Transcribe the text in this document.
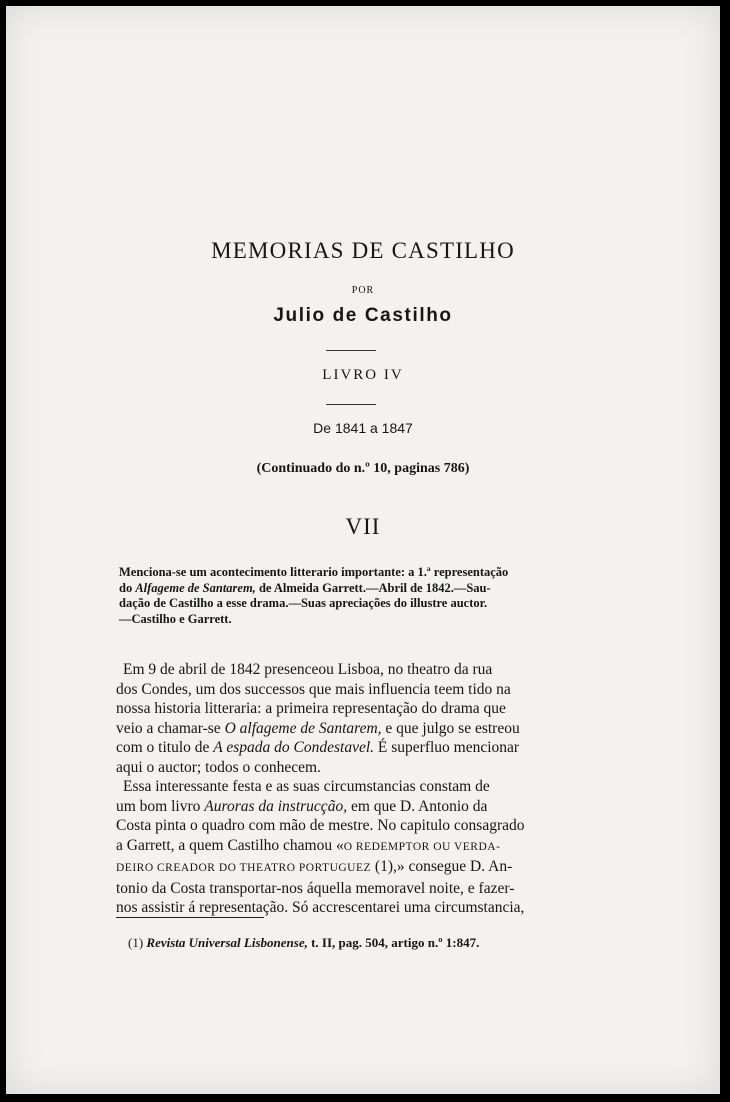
MEMORIAS DE CASTILHO
POR
Julio de Castilho
LIVRO IV
De 1841 a 1847
(Continuado do n.º 10, paginas 786)
VII
Menciona-se um acontecimento litterario importante: a 1.ª representação
do Alfageme de Santarem, de Almeida Garrett.—Abril de 1842.—Sau-
dação de Castilho a esse drama.—Suas apreciações do illustre auctor.
—Castilho e Garrett.
Em 9 de abril de 1842 presenceou Lisboa, no theatro da rua
dos Condes, um dos successos que mais influencia teem tido na
nossa historia litteraria: a primeira representação do drama que
veio a chamar-se O alfageme de Santarem, e que julgo se estreou
com o titulo de A espada do Condestavel. É superfluo mencionar
aqui o auctor; todos o conhecem.
Essa interessante festa e as suas circumstancias constam de
um bom livro Auroras da instrucção, em que D. Antonio da
Costa pinta o quadro com mão de mestre. No capitulo consagrado
a Garrett, a quem Castilho chamou «O REDEMPTOR OU VERDA-
DEIRO CREADOR DO THEATRO PORTUGUEZ (1),» consegue D. An-
tonio da Costa transportar-nos áquella memoravel noite, e fazer-
nos assistir á representação. Só accrescentarei uma circumstancia,
(1) Revista Universal Lisbonense, t. II, pag. 504, artigo n.º 1:847.
